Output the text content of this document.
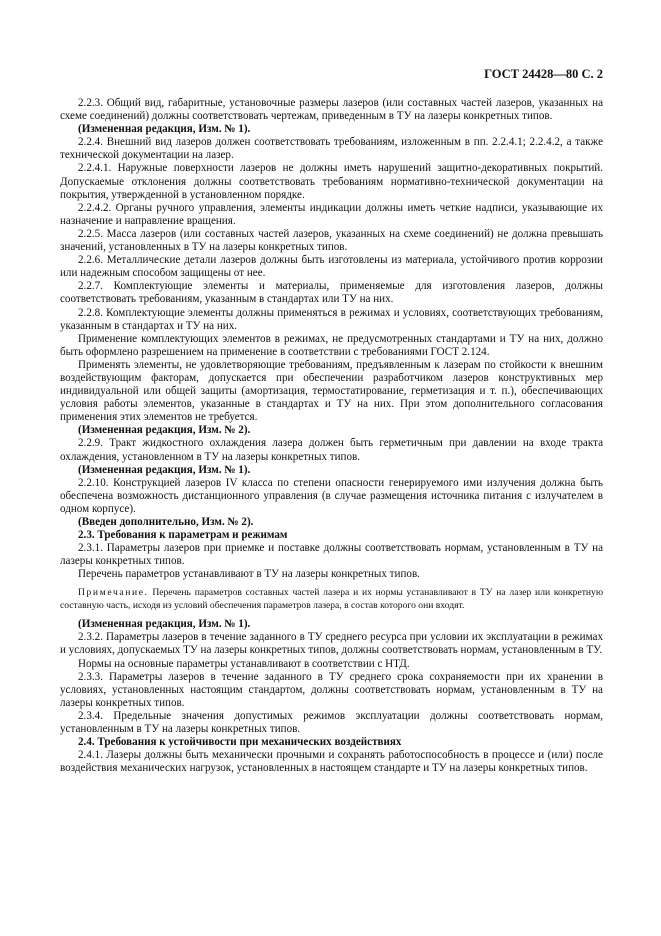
ГОСТ 24428—80 С. 2

2.2.3. Общий вид, габаритные, установочные размеры лазеров (или составных частей лазеров, указанных на схеме соединений) должны соответствовать чертежам, приведенным в ТУ на лазеры конкретных типов.

(Измененная редакция, Изм. № 1).

2.2.4. Внешний вид лазеров должен соответствовать требованиям, изложенным в пп. 2.2.4.1; 2.2.4.2, а также технической документации на лазер.

2.2.4.1. Наружные поверхности лазеров не должны иметь нарушений защитно-декоративных покрытий. Допускаемые отклонения должны соответствовать требованиям нормативно-технической документации на покрытия, утвержденной в установленном порядке.

2.2.4.2. Органы ручного управления, элементы индикации должны иметь четкие надписи, указывающие их назначение и направление вращения.

2.2.5. Масса лазеров (или составных частей лазеров, указанных на схеме соединений) не должна превышать значений, установленных в ТУ на лазеры конкретных типов.

2.2.6. Металлические детали лазеров должны быть изготовлены из материала, устойчивого против коррозии или надежным способом защищены от нее.

2.2.7. Комплектующие элементы и материалы, применяемые для изготовления лазеров, должны соответствовать требованиям, указанным в стандартах или ТУ на них.

2.2.8. Комплектующие элементы должны применяться в режимах и условиях, соответствующих требованиям, указанным в стандартах и ТУ на них.

Применение комплектующих элементов в режимах, не предусмотренных стандартами и ТУ на них, должно быть оформлено разрешением на применение в соответствии с требованиями ГОСТ 2.124.

Применять элементы, не удовлетворяющие требованиям, предъявленным к лазерам по стойкости к внешним воздействующим факторам, допускается при обеспечении разработчиком лазеров конструктивных мер индивидуальной или общей защиты (амортизация, термостатирование, герметизация и т. п.), обеспечивающих условия работы элементов, указанные в стандартах и ТУ на них. При этом дополнительного согласования применения этих элементов не требуется.

(Измененная редакция, Изм. № 2).

2.2.9. Тракт жидкостного охлаждения лазера должен быть герметичным при давлении на входе тракта охлаждения, установленном в ТУ на лазеры конкретных типов.

(Измененная редакция, Изм. № 1).

2.2.10. Конструкцией лазеров IV класса по степени опасности генерируемого ими излучения должна быть обеспечена возможность дистанционного управления (в случае размещения источника питания с излучателем в одном корпусе).

(Введен дополнительно, Изм. № 2).

2.3. Требования к параметрам и режимам

2.3.1. Параметры лазеров при приемке и поставке должны соответствовать нормам, установленным в ТУ на лазеры конкретных типов.

Перечень параметров устанавливают в ТУ на лазеры конкретных типов.

Примечание. Перечень параметров составных частей лазера и их нормы устанавливают в ТУ на лазер или конкретную составную часть, исходя из условий обеспечения параметров лазера, в состав которого они входят.

(Измененная редакция, Изм. № 1).

2.3.2. Параметры лазеров в течение заданного в ТУ среднего ресурса при условии их эксплуатации в режимах и условиях, допускаемых ТУ на лазеры конкретных типов, должны соответствовать нормам, установленным в ТУ.

Нормы на основные параметры устанавливают в соответствии с НТД.

2.3.3. Параметры лазеров в течение заданного в ТУ среднего срока сохраняемости при их хранении в условиях, установленных настоящим стандартом, должны соответствовать нормам, установленным в ТУ на лазеры конкретных типов.

2.3.4. Предельные значения допустимых режимов эксплуатации должны соответствовать нормам, установленным в ТУ на лазеры конкретных типов.

2.4. Требования к устойчивости при механических воздействиях

2.4.1. Лазеры должны быть механически прочными и сохранять работоспособность в процессе и (или) после воздействия механических нагрузок, установленных в настоящем стандарте и ТУ на лазеры конкретных типов.
